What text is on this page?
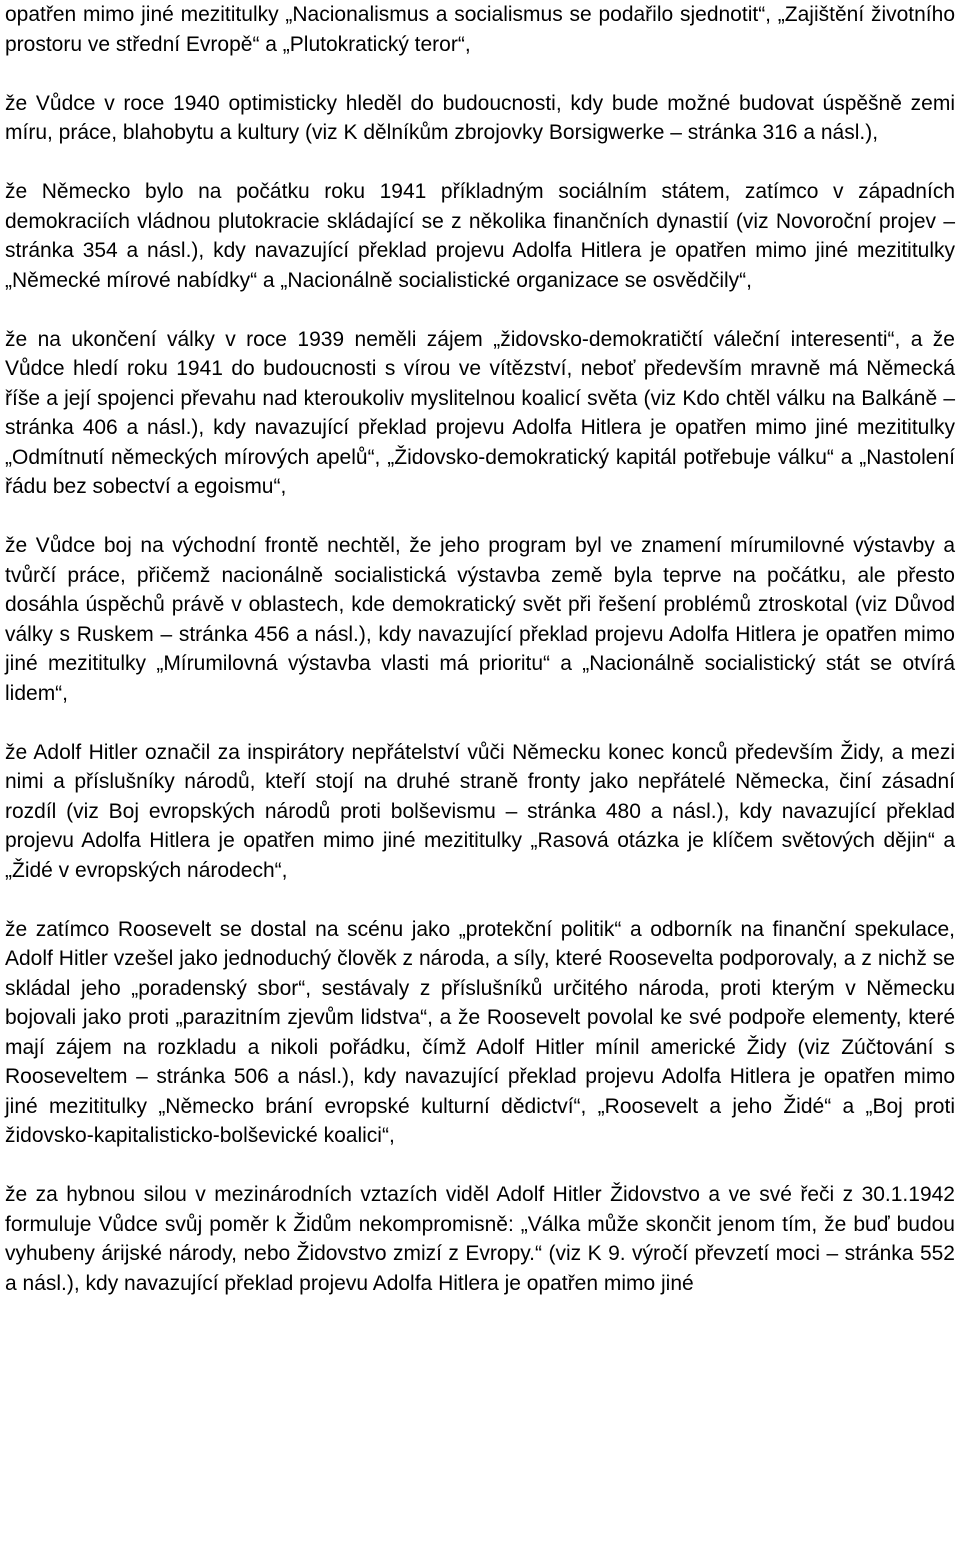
opatřen mimo jiné mezititulky „Nacionalismus a socialismus se podařilo sjednotit“, „Zajištění životního prostoru ve střední Evropě“ a „Plutokratický teror“,

že Vůdce v roce 1940 optimisticky hleděl do budoucnosti, kdy bude možné budovat úspěšně zemi míru, práce, blahobytu a kultury (viz K dělníkům zbrojovky Borsigwerke – stránka 316 a násl.),

že Německo bylo na počátku roku 1941 příkladným sociálním státem, zatímco v západních demokraciích vládnou plutokracie skládající se z několika finančních dynastií (viz Novoroční projev – stránka 354 a násl.), kdy navazující překlad projevu Adolfa Hitlera je opatřen mimo jiné mezititulky „Německé mírové nabídky“ a „Nacionálně socialistické organizace se osvědčily“,

že na ukončení války v roce 1939 neměli zájem „židovsko-demokratičtí váleční interesenti“, a že Vůdce hledí roku 1941 do budoucnosti s vírou ve vítězství, neboť především mravně má Německá říše a její spojenci převahu nad kteroukoliv myslitelnou koalicí světa (viz Kdo chtěl válku na Balkáně – stránka 406 a násl.), kdy navazující překlad projevu Adolfa Hitlera je opatřen mimo jiné mezititulky „Odmítnutí německých mírových apelů“, „Židovsko-demokratický kapitál potřebuje válku“ a „Nastolení řádu bez sobectví a egoismu“,

že Vůdce boj na východní frontě nechtěl, že jeho program byl ve znamení mírumilovné výstavby a tvůrčí práce, přičemž nacionálně socialistická výstavba země byla teprve na počátku, ale přesto dosáhla úspěchů právě v oblastech, kde demokratický svět při řešení problémů ztroskotal (viz Důvod války s Ruskem – stránka 456 a násl.), kdy navazující překlad projevu Adolfa Hitlera je opatřen mimo jiné mezititulky „Mírumilovná výstavba vlasti má prioritu“ a „Nacionálně socialistický stát se otvírá lidem“,

že Adolf Hitler označil za inspirátory nepřátelství vůči Německu konec konců především Židy, a mezi nimi a příslušníky národů, kteří stojí na druhé straně fronty jako nepřátelé Německa, činí zásadní rozdíl (viz Boj evropských národů proti bolševismu – stránka 480 a násl.), kdy navazující překlad projevu Adolfa Hitlera je opatřen mimo jiné mezititulky „Rasová otázka je klíčem světových dějin“ a „Židé v evropských národech“,

že zatímco Roosevelt se dostal na scénu jako „protekční politik“ a odborník na finanční spekulace, Adolf Hitler vzešel jako jednoduchý člověk z národa, a síly, které Roosevelta podporovaly, a z nichž se skládal jeho „poradenský sbor“, sestávaly z příslušníků určitého národa, proti kterým v Německu bojovali jako proti „parazitním zjevům lidstva“, a že Roosevelt povolal ke své podpoře elementy, které mají zájem na rozkladu a nikoli pořádku, čímž Adolf Hitler mínil americké Židy (viz Zúčtování s Rooseveltem – stránka 506 a násl.), kdy navazující překlad projevu Adolfa Hitlera je opatřen mimo jiné mezititulky „Německo brání evropské kulturní dědictví“, „Roosevelt a jeho Židé“ a „Boj proti židovsko-kapitalisticko-bolševické koalici“,

že za hybnou silou v mezinárodních vztazích viděl Adolf Hitler Židovstvo a ve své řeči z 30.1.1942 formuluje Vůdce svůj poměr k Židům nekompromisně: „Válka může skončit jenom tím, že buď budou vyhubeny árijské národy, nebo Židovstvo zmizí z Evropy.“ (viz K 9. výročí převzetí moci – stránka 552 a násl.), kdy navazující překlad projevu Adolfa Hitlera je opatřen mimo jiné
